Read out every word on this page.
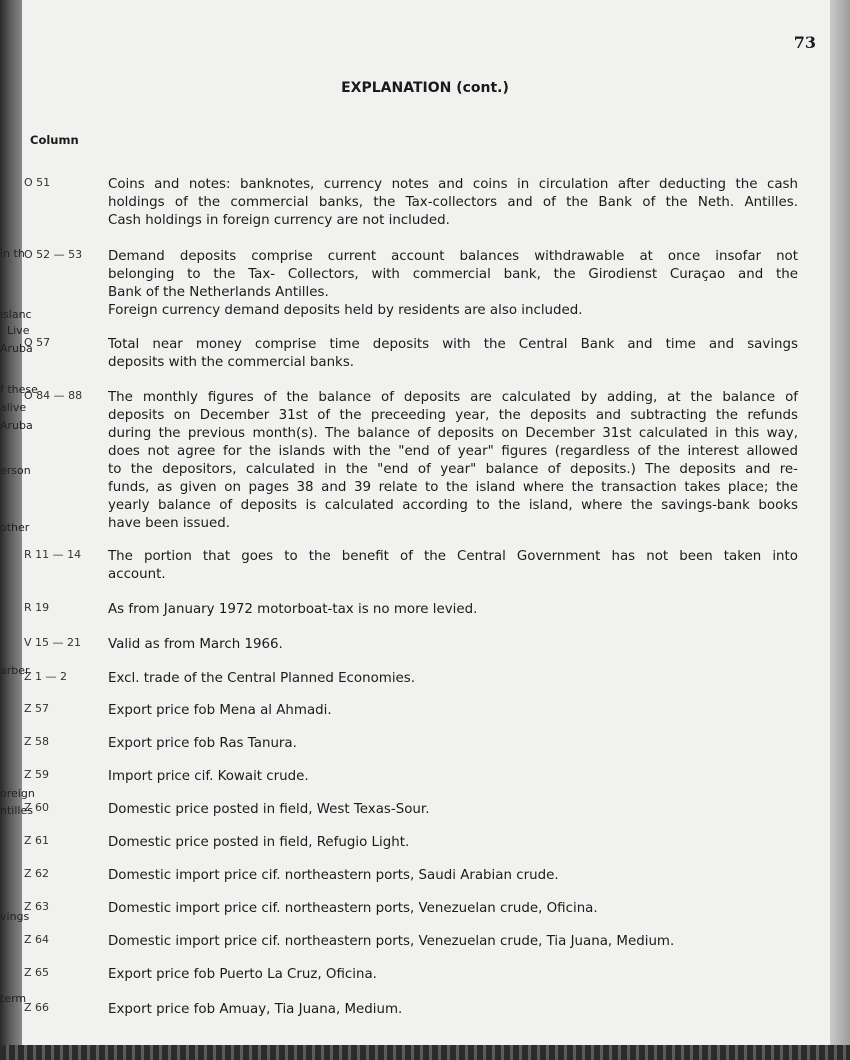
73
EXPLANATION (cont.)
Column
in th
islanc
. Live
Aruba
f these
alive
Aruba
erson
other
arber
oreign
ntilles
vings
term
O 51	Coins and notes: banknotes, currency notes and coins in circulation after deducting the cash
holdings of the commercial banks, the Tax-collectors and of the Bank of the Neth. Antilles.
Cash holdings in foreign currency are not included.
O 52 — 53	Demand deposits comprise current account balances withdrawable at once insofar not
belonging to the Tax- Collectors, with commercial bank, the Girodienst Curaçao and the
Bank of the Netherlands Antilles.
Foreign currency demand deposits held by residents are also included.
O 57	Total near money comprise time deposits with the Central Bank and time and savings
deposits with the commercial banks.
O 84 — 88	The monthly figures of the balance of deposits are calculated by adding, at the balance of
deposits on December 31st of the preceeding year, the deposits and subtracting the refunds
during the previous month(s). The balance of deposits on December 31st calculated in this way,
does not agree for the islands with the "end of year" figures (regardless of the interest allowed
to the depositors, calculated in the "end of year" balance of deposits.) The deposits and re-
funds, as given on pages 38 and 39 relate to the island where the transaction takes place; the
yearly balance of deposits is calculated according to the island, where the savings-bank books
have been issued.
R 11 — 14	The portion that goes to the benefit of the Central Government has not been taken into
account.
R 19	As from January 1972 motorboat-tax is no more levied.
V 15 — 21	Valid as from March 1966.
Z 1 — 2	Excl. trade of the Central Planned Economies.
Z 57	Export price fob Mena al Ahmadi.
Z 58	Export price fob Ras Tanura.
Z 59	Import price cif. Kowait crude.
Z 60	Domestic price posted in field, West Texas-Sour.
Z 61	Domestic price posted in field, Refugio Light.
Z 62	Domestic import price cif. northeastern ports, Saudi Arabian crude.
Z 63	Domestic import price cif. northeastern ports, Venezuelan crude, Oficina.
Z 64	Domestic import price cif. northeastern ports, Venezuelan crude, Tia Juana, Medium.
Z 65	Export price fob Puerto La Cruz, Oficina.
Z 66	Export price fob Amuay, Tia Juana, Medium.
